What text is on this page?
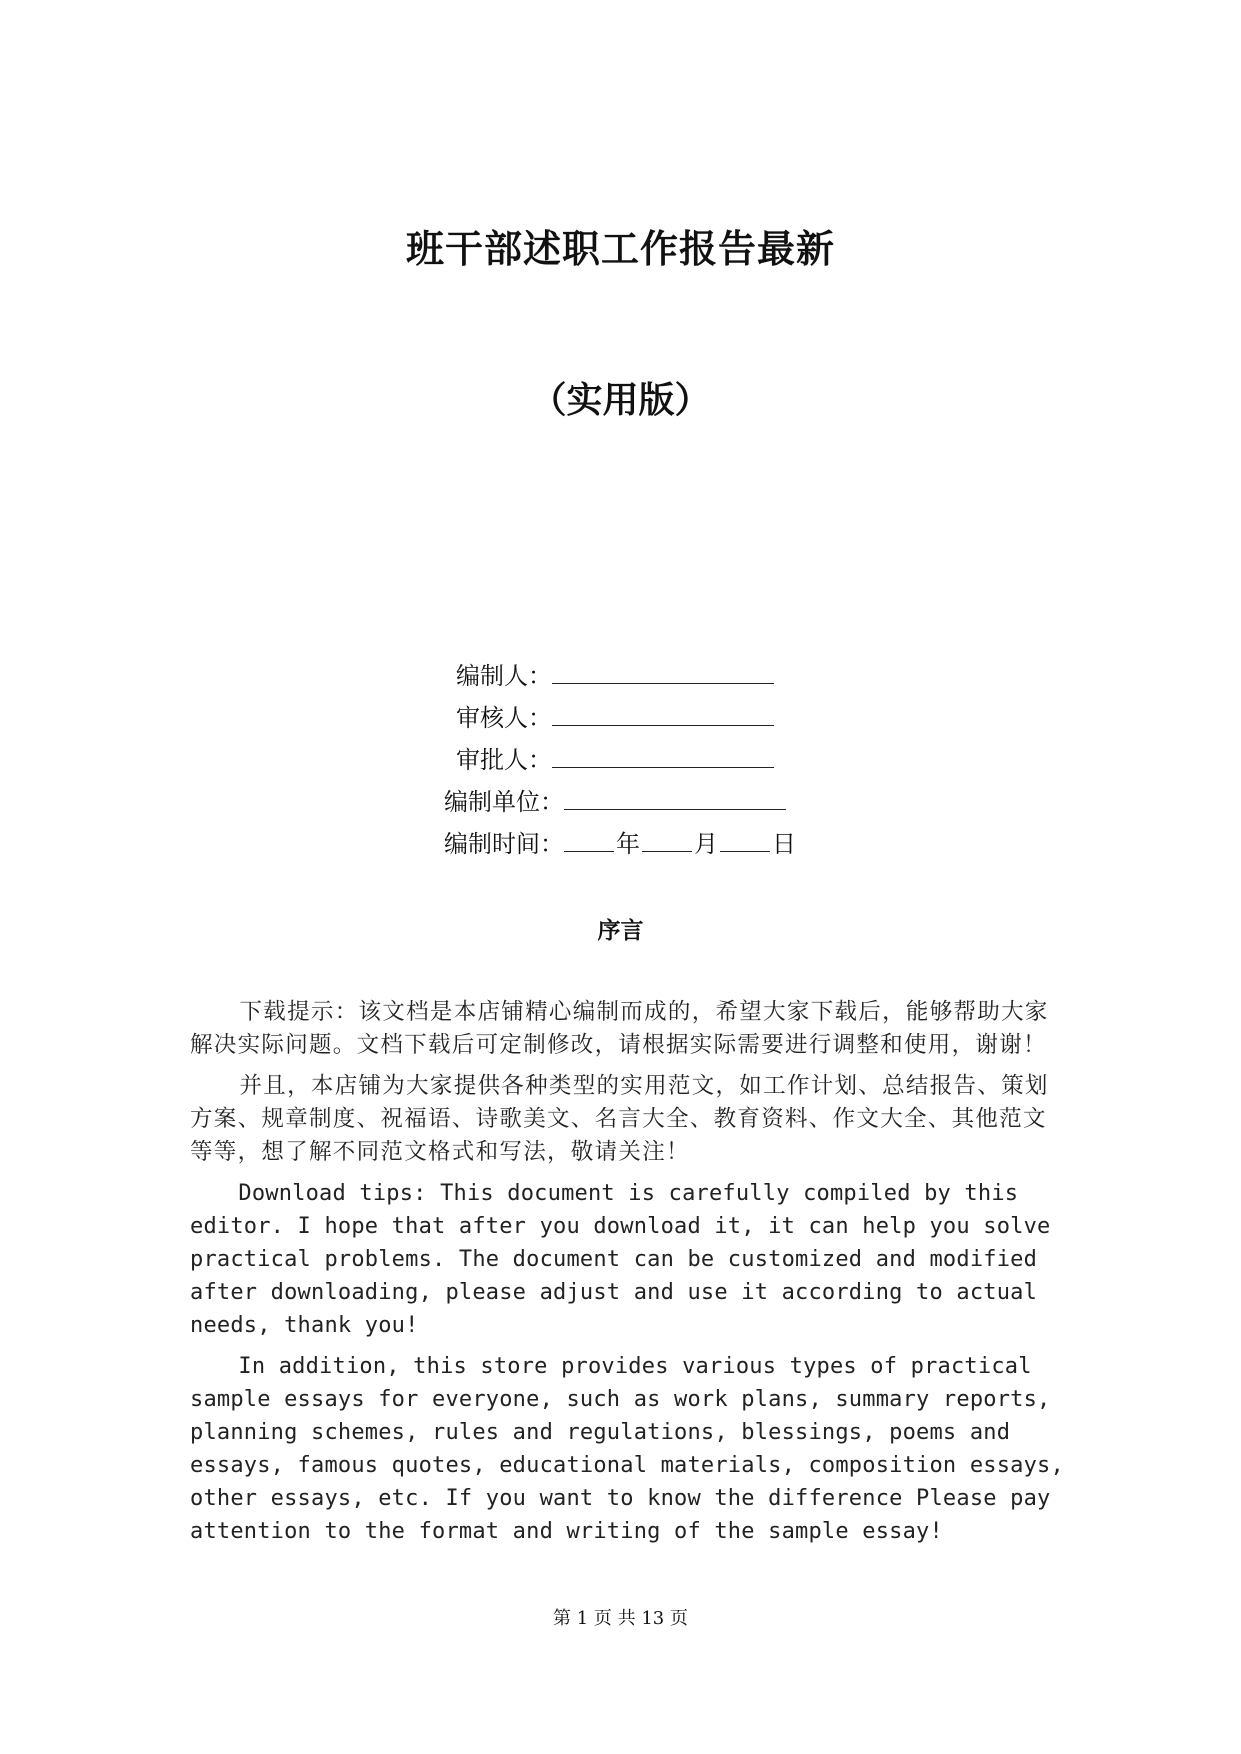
班干部述职工作报告最新
（实用版）
编制人：
审核人：
审批人：
编制单位：
编制时间： 年 月 日
序言

下载提示：该文档是本店铺精心编制而成的，希望大家下载后，能够帮助大家解决实际问题。文档下载后可定制修改，请根据实际需要进行调整和使用，谢谢！

并且，本店铺为大家提供各种类型的实用范文，如工作计划、总结报告、策划方案、规章制度、祝福语、诗歌美文、名言大全、教育资料、作文大全、其他范文等等，想了解不同范文格式和写法，敬请关注！

Download tips: This document is carefully compiled by this editor. I hope that after you download it, it can help you solve practical problems. The document can be customized and modified after downloading, please adjust and use it according to actual needs, thank you!

In addition, this store provides various types of practical sample essays for everyone, such as work plans, summary reports, planning schemes, rules and regulations, blessings, poems and essays, famous quotes, educational materials, composition essays, other essays, etc. If you want to know the difference Please pay attention to the format and writing of the sample essay!

第 1 页 共 13 页
